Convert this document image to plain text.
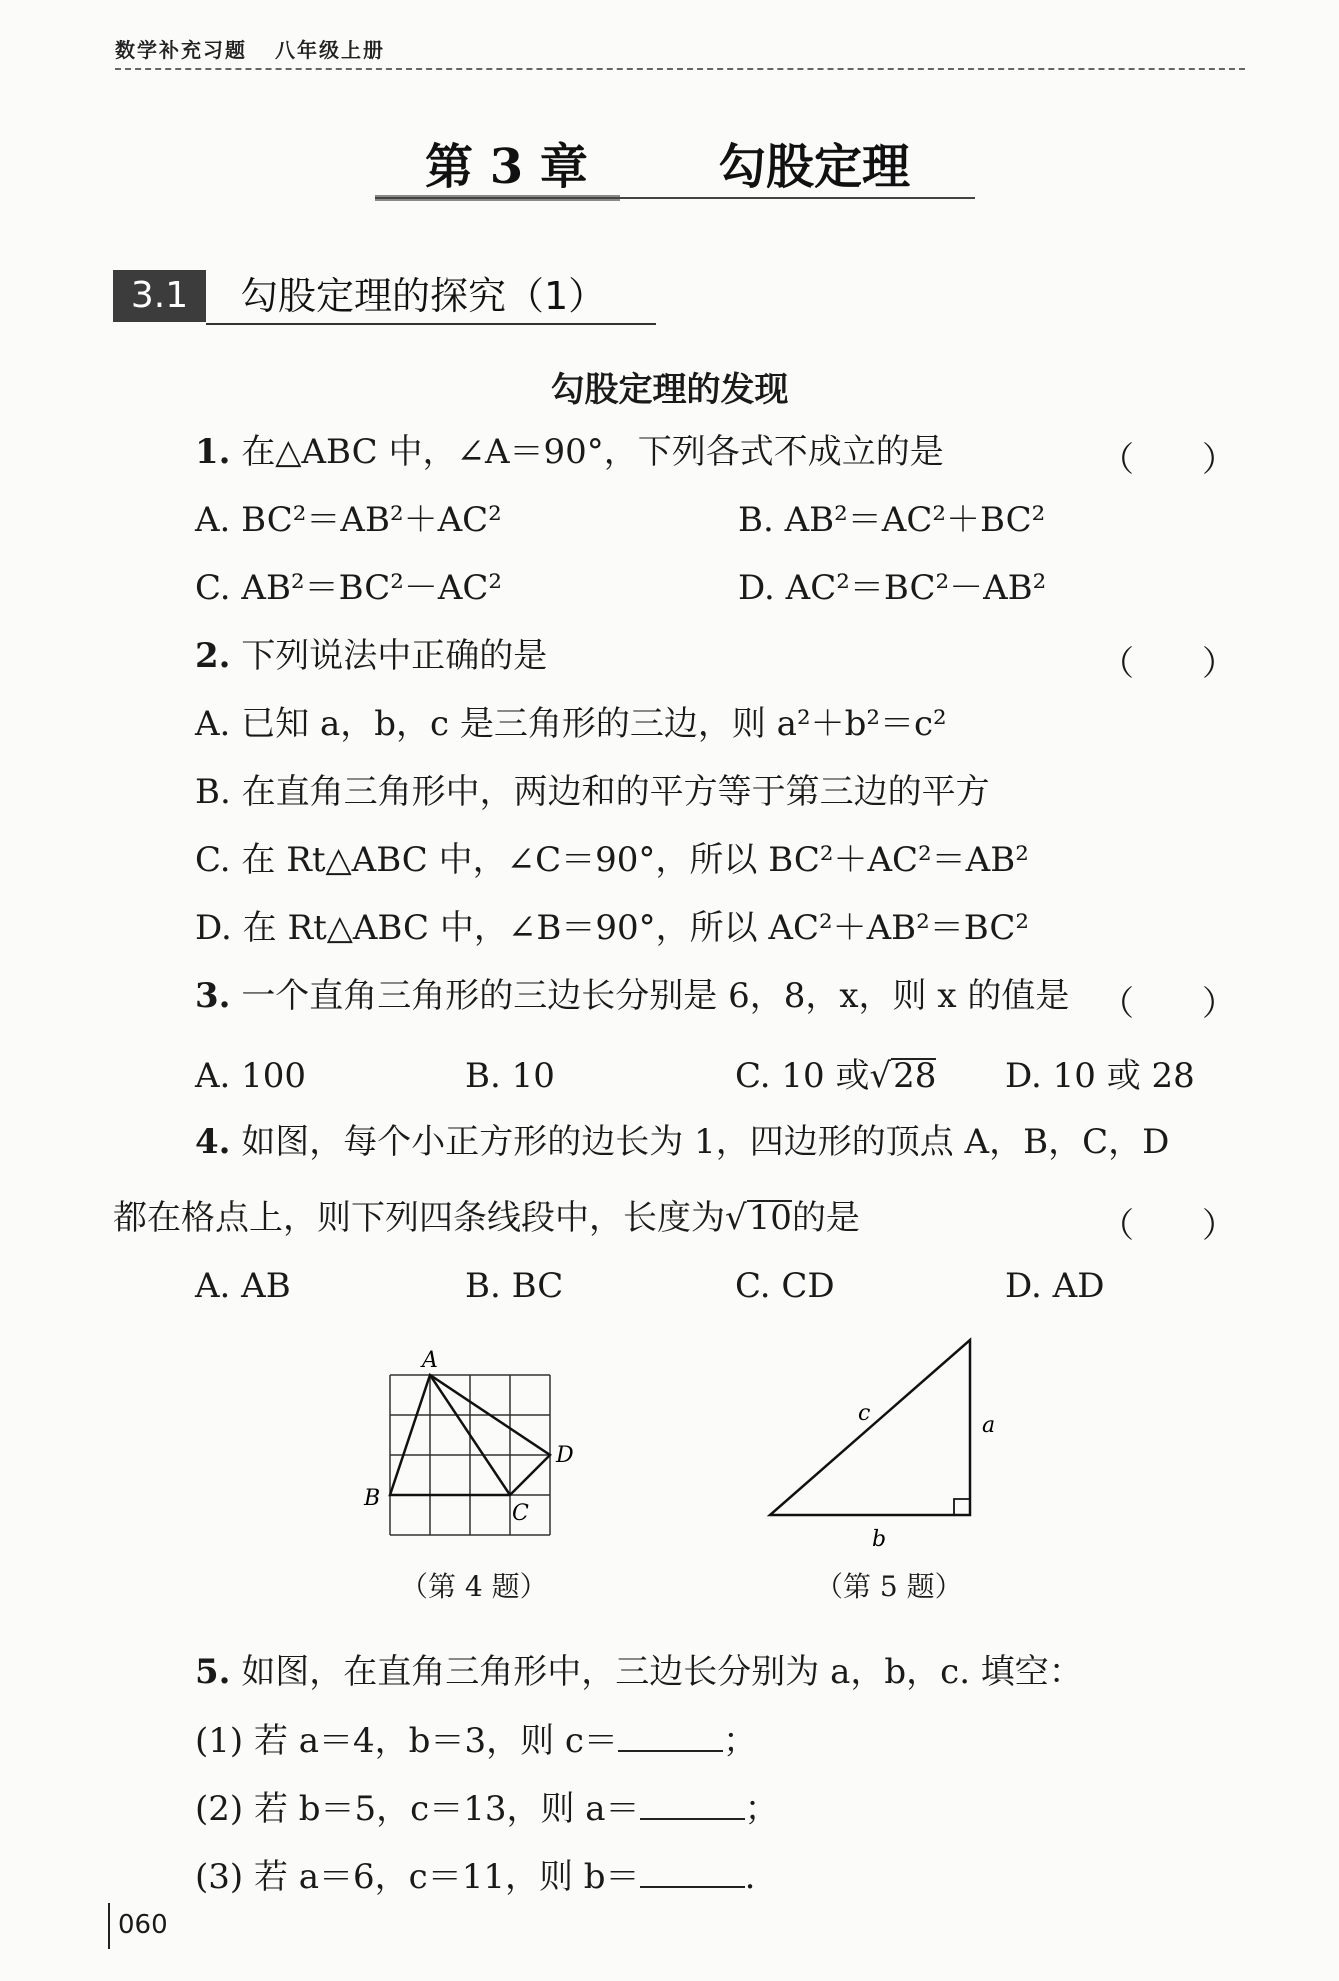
数学补充习题 八年级上册
第 3 章	勾股定理
3.1	勾股定理的探究（1）
勾股定理的发现
1. 在△ABC 中，∠A＝90°，下列各式不成立的是	（　　）
A. BC²＝AB²＋AC²	B. AB²＝AC²＋BC²
C. AB²＝BC²－AC²	D. AC²＝BC²－AB²
2. 下列说法中正确的是	（　　）
A. 已知 a，b，c 是三角形的三边，则 a²＋b²＝c²
B. 在直角三角形中，两边和的平方等于第三边的平方
C. 在 Rt△ABC 中，∠C＝90°，所以 BC²＋AC²＝AB²
D. 在 Rt△ABC 中，∠B＝90°，所以 AC²＋AB²＝BC²
3. 一个直角三角形的三边长分别是 6，8，x，则 x 的值是 （　　）
A. 100	B. 10	C. 10 或√28 D. 10 或 28
4. 如图，每个小正方形的边长为 1，四边形的顶点 A，B，C，D
都在格点上，则下列四条线段中，长度为√10的是	（　　）
A. AB	B. BC	C. CD	D. AD
A
B
C
D
（第 4 题）
c	a
b
（第 5 题）
5. 如图，在直角三角形中，三边长分别为 a，b，c. 填空：
(1) 若 a＝4，b＝3，则 c＝	；
(2) 若 b＝5，c＝13，则 a＝	；
(3) 若 a＝6，c＝11，则 b＝	.
060
